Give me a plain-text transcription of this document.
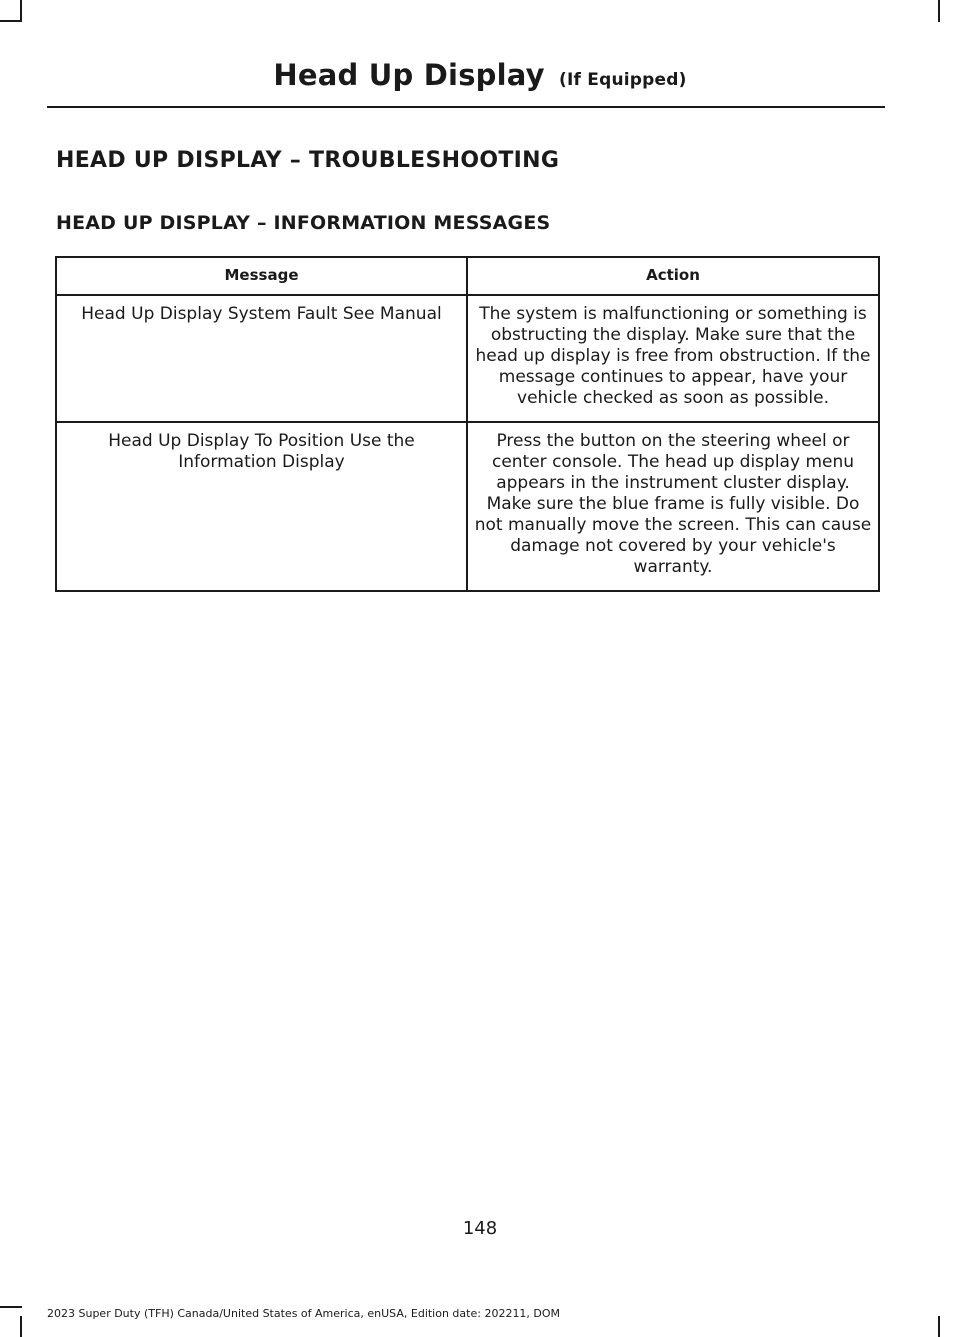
Head Up Display (If Equipped)
HEAD UP DISPLAY – TROUBLESHOOTING
HEAD UP DISPLAY – INFORMATION MESSAGES
Message	Action
Head Up Display System Fault See Manual	The system is malfunctioning or something is obstructing the display. Make sure that the head up display is free from obstruction. If the message continues to appear, have your vehicle checked as soon as possible.
Head Up Display To Position Use the Information Display	Press the button on the steering wheel or center console. The head up display menu appears in the instrument cluster display. Make sure the blue frame is fully visible. Do not manually move the screen. This can cause damage not covered by your vehicle's warranty.
148
2023 Super Duty (TFH) Canada/United States of America, enUSA, Edition date: 202211, DOM
